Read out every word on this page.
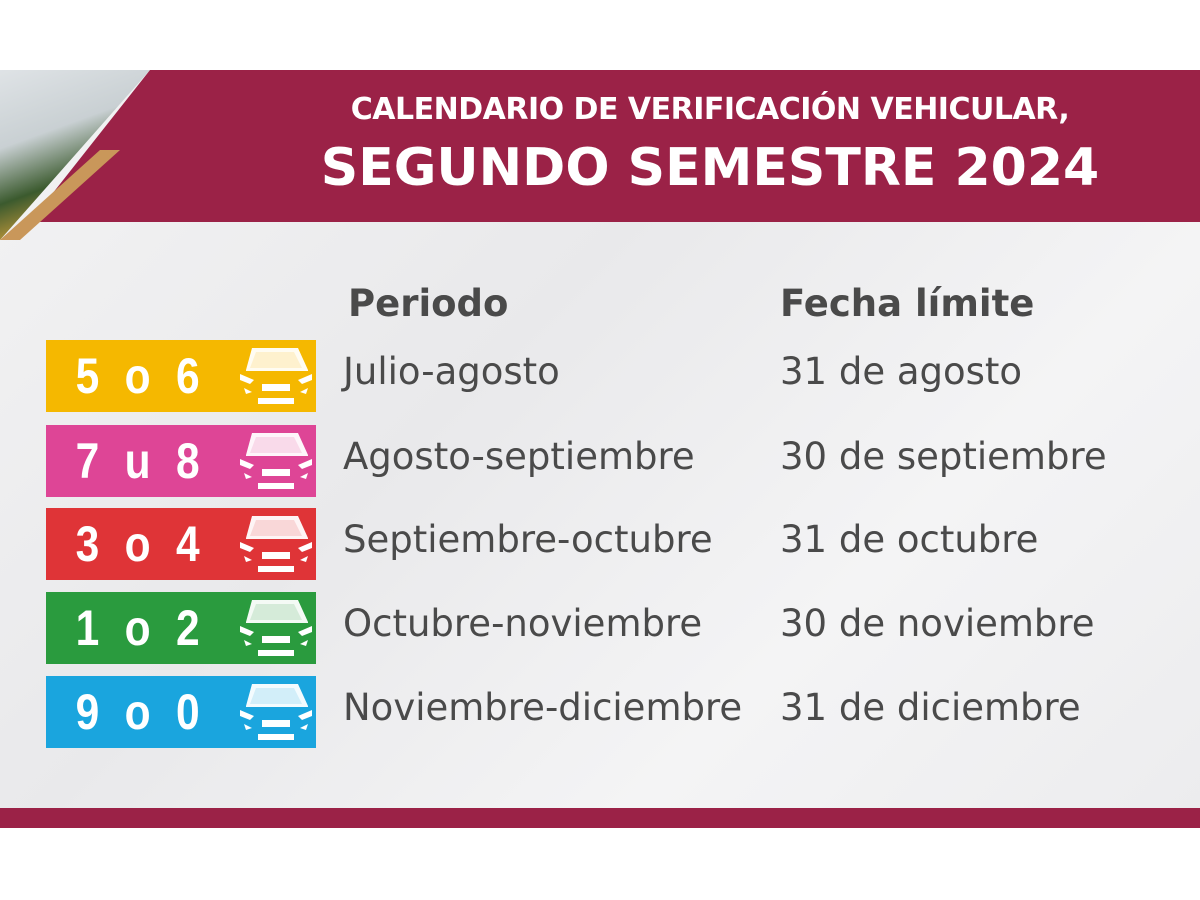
CALENDARIO DE VERIFICACIÓN VEHICULAR,
SEGUNDO SEMESTRE 2024
Periodo	Fecha límite
5 o 6	Julio-agosto	31 de agosto
7 u 8	Agosto-septiembre 30 de septiembre
3 o 4	Septiembre-octubre 31 de octubre
1 o 2	Octubre-noviembre 30 de noviembre
9 o 0	Noviembre-diciembre 31 de diciembre
